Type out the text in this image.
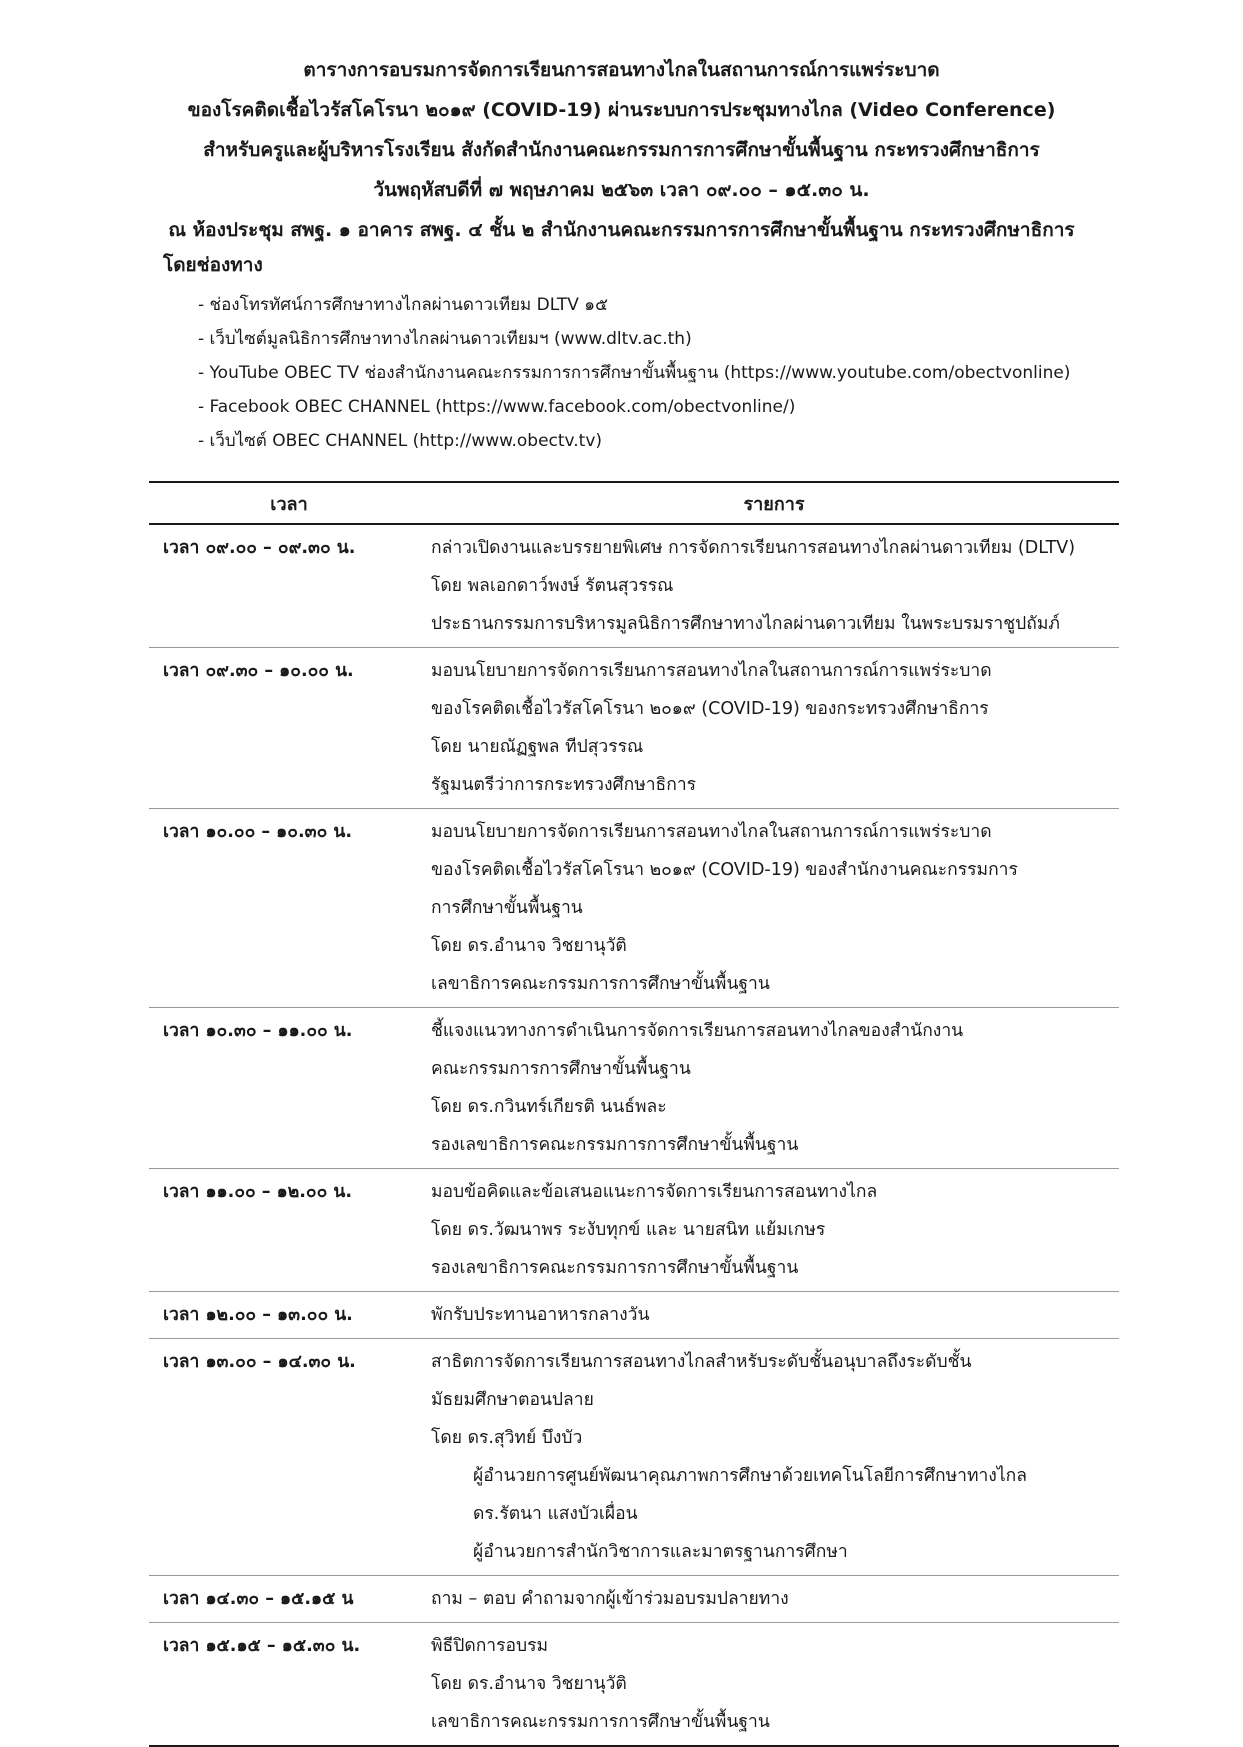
ตารางการอบรมการจัดการเรียนการสอนทางไกลในสถานการณ์การแพร่ระบาด
ของโรคติดเชื้อไวรัสโคโรนา ๒๐๑๙ (COVID-19) ผ่านระบบการประชุมทางไกล (Video Conference)
สำหรับครูและผู้บริหารโรงเรียน สังกัดสำนักงานคณะกรรมการการศึกษาขั้นพื้นฐาน กระทรวงศึกษาธิการ
วันพฤหัสบดีที่ ๗ พฤษภาคม ๒๕๖๓ เวลา ๐๙.๐๐ – ๑๕.๓๐ น.
ณ ห้องประชุม สพฐ. ๑ อาคาร สพฐ. ๔ ชั้น ๒ สำนักงานคณะกรรมการการศึกษาขั้นพื้นฐาน กระทรวงศึกษาธิการ
โดยช่องทาง
- ช่องโทรทัศน์การศึกษาทางไกลผ่านดาวเทียม DLTV ๑๕
- เว็บไซต์มูลนิธิการศึกษาทางไกลผ่านดาวเทียมฯ (www.dltv.ac.th)
- YouTube OBEC TV ช่องสำนักงานคณะกรรมการการศึกษาขั้นพื้นฐาน (https://www.youtube.com/obectvonline)
- Facebook OBEC CHANNEL (https://www.facebook.com/obectvonline/)
- เว็บไซต์ OBEC CHANNEL (http://www.obectv.tv)
เวลา	รายการ
เวลา ๐๙.๐๐ – ๐๙.๓๐ น.	กล่าวเปิดงานและบรรยายพิเศษ การจัดการเรียนการสอนทางไกลผ่านดาวเทียม (DLTV)
โดย พลเอกดาว์พงษ์ รัตนสุวรรณ
ประธานกรรมการบริหารมูลนิธิการศึกษาทางไกลผ่านดาวเทียม ในพระบรมราชูปถัมภ์
เวลา ๐๙.๓๐ – ๑๐.๐๐ น.	มอบนโยบายการจัดการเรียนการสอนทางไกลในสถานการณ์การแพร่ระบาด
ของโรคติดเชื้อไวรัสโคโรนา ๒๐๑๙ (COVID-19) ของกระทรวงศึกษาธิการ
โดย นายณัฏฐพล ทีปสุวรรณ
รัฐมนตรีว่าการกระทรวงศึกษาธิการ
เวลา ๑๐.๐๐ – ๑๐.๓๐ น.	มอบนโยบายการจัดการเรียนการสอนทางไกลในสถานการณ์การแพร่ระบาด
ของโรคติดเชื้อไวรัสโคโรนา ๒๐๑๙ (COVID-19) ของสำนักงานคณะกรรมการ
การศึกษาขั้นพื้นฐาน
โดย ดร.อำนาจ วิชยานุวัติ
เลขาธิการคณะกรรมการการศึกษาขั้นพื้นฐาน
เวลา ๑๐.๓๐ – ๑๑.๐๐ น.	ชี้แจงแนวทางการดำเนินการจัดการเรียนการสอนทางไกลของสำนักงาน
คณะกรรมการการศึกษาขั้นพื้นฐาน
โดย ดร.กวินทร์เกียรติ นนธ์พละ
รองเลขาธิการคณะกรรมการการศึกษาขั้นพื้นฐาน
เวลา ๑๑.๐๐ – ๑๒.๐๐ น.	มอบข้อคิดและข้อเสนอแนะการจัดการเรียนการสอนทางไกล
โดย ดร.วัฒนาพร ระงับทุกข์ และ นายสนิท แย้มเกษร
รองเลขาธิการคณะกรรมการการศึกษาขั้นพื้นฐาน
เวลา ๑๒.๐๐ – ๑๓.๐๐ น.	พักรับประทานอาหารกลางวัน
เวลา ๑๓.๐๐ – ๑๔.๓๐ น.	สาธิตการจัดการเรียนการสอนทางไกลสำหรับระดับชั้นอนุบาลถึงระดับชั้น
มัธยมศึกษาตอนปลาย
โดย ดร.สุวิทย์ บึงบัว
ผู้อำนวยการศูนย์พัฒนาคุณภาพการศึกษาด้วยเทคโนโลยีการศึกษาทางไกล
ดร.รัตนา แสงบัวเผื่อน
ผู้อำนวยการสำนักวิชาการและมาตรฐานการศึกษา
เวลา ๑๔.๓๐ – ๑๕.๑๕ น	ถาม – ตอบ คำถามจากผู้เข้าร่วมอบรมปลายทาง
เวลา ๑๕.๑๕ – ๑๕.๓๐ น.	พิธีปิดการอบรม
โดย ดร.อำนาจ วิชยานุวัติ
เลขาธิการคณะกรรมการการศึกษาขั้นพื้นฐาน
